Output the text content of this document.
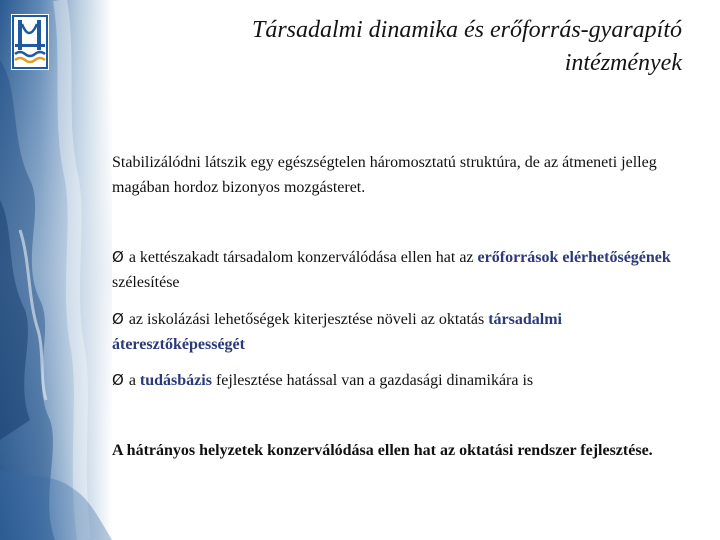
Társadalmi dinamika és erőforrás-gyarapító
intézmények
Stabilizálódni látszik egy egészségtelen háromosztatú struktúra, de az átmeneti jelleg magában hordoz bizonyos mozgásteret.
Ø a kettészakadt társadalom konzerválódása ellen hat az erőforrások elérhetőségének szélesítése
Ø az iskolázási lehetőségek kiterjesztése növeli az oktatás társadalmi áteresztőképességét
Ø a tudásbázis fejlesztése hatással van a gazdasági dinamikára is
A hátrányos helyzetek konzerválódása ellen hat az oktatási rendszer fejlesztése.
